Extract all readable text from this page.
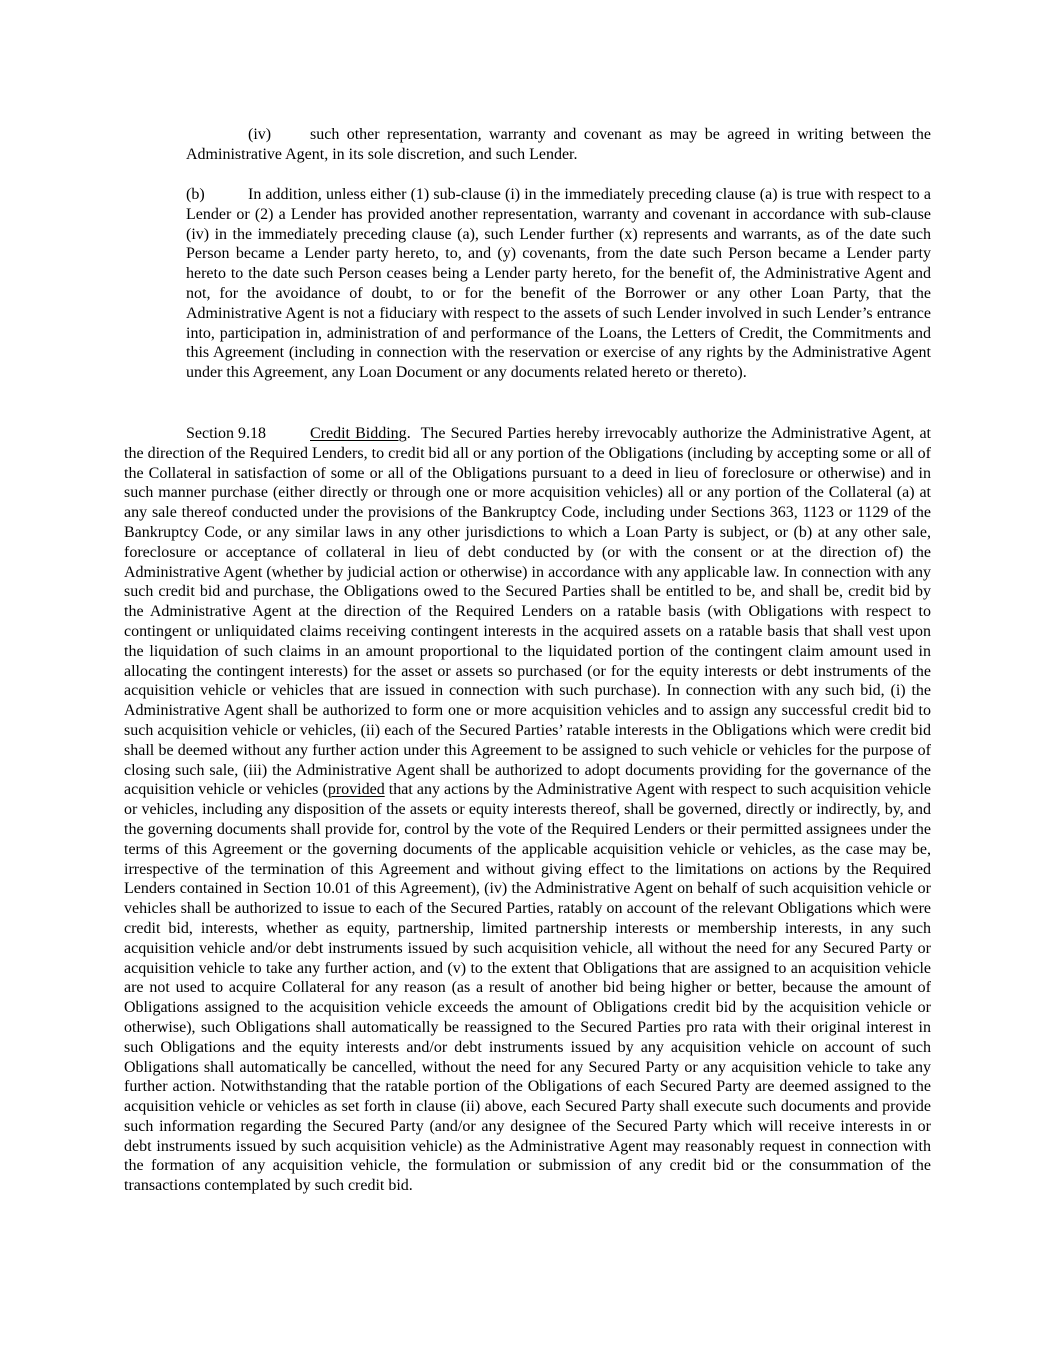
(iv) such other representation, warranty and covenant as may be agreed in writing between the Administrative Agent, in its sole discretion, and such Lender.

(b)	In addition, unless either (1) sub-clause (i) in the immediately preceding clause (a) is true with respect to a Lender or (2) a Lender has provided another representation, warranty and covenant in accordance with sub-clause (iv) in the immediately preceding clause (a), such Lender further (x) represents and warrants, as of the date such Person became a Lender party hereto, to, and (y) covenants, from the date such Person became a Lender party hereto to the date such Person ceases being a Lender party hereto, for the benefit of, the Administrative Agent and not, for the avoidance of doubt, to or for the benefit of the Borrower or any other Loan Party, that the Administrative Agent is not a fiduciary with respect to the assets of such Lender involved in such Lender’s entrance into, participation in, administration of and performance of the Loans, the Letters of Credit, the Commitments and this Agreement (including in connection with the reservation or exercise of any rights by the Administrative Agent under this Agreement, any Loan Document or any documents related hereto or thereto).

Section 9.18	Credit Bidding. The Secured Parties hereby irrevocably authorize the Administrative Agent, at the direction of the Required Lenders, to credit bid all or any portion of the Obligations (including by accepting some or all of the Collateral in satisfaction of some or all of the Obligations pursuant to a deed in lieu of foreclosure or otherwise) and in such manner purchase (either directly or through one or more acquisition vehicles) all or any portion of the Collateral (a) at any sale thereof conducted under the provisions of the Bankruptcy Code, including under Sections 363, 1123 or 1129 of the Bankruptcy Code, or any similar laws in any other jurisdictions to which a Loan Party is subject, or (b) at any other sale, foreclosure or acceptance of collateral in lieu of debt conducted by (or with the consent or at the direction of) the Administrative Agent (whether by judicial action or otherwise) in accordance with any applicable law. In connection with any such credit bid and purchase, the Obligations owed to the Secured Parties shall be entitled to be, and shall be, credit bid by the Administrative Agent at the direction of the Required Lenders on a ratable basis (with Obligations with respect to contingent or unliquidated claims receiving contingent interests in the acquired assets on a ratable basis that shall vest upon the liquidation of such claims in an amount proportional to the liquidated portion of the contingent claim amount used in allocating the contingent interests) for the asset or assets so purchased (or for the equity interests or debt instruments of the acquisition vehicle or vehicles that are issued in connection with such purchase). In connection with any such bid, (i) the Administrative Agent shall be authorized to form one or more acquisition vehicles and to assign any successful credit bid to such acquisition vehicle or vehicles, (ii) each of the Secured Parties’ ratable interests in the Obligations which were credit bid shall be deemed without any further action under this Agreement to be assigned to such vehicle or vehicles for the purpose of closing such sale, (iii) the Administrative Agent shall be authorized to adopt documents providing for the governance of the acquisition vehicle or vehicles (provided that any actions by the Administrative Agent with respect to such acquisition vehicle or vehicles, including any disposition of the assets or equity interests thereof, shall be governed, directly or indirectly, by, and the governing documents shall provide for, control by the vote of the Required Lenders or their permitted assignees under the terms of this Agreement or the governing documents of the applicable acquisition vehicle or vehicles, as the case may be, irrespective of the termination of this Agreement and without giving effect to the limitations on actions by the Required Lenders contained in Section 10.01 of this Agreement), (iv) the Administrative Agent on behalf of such acquisition vehicle or vehicles shall be authorized to issue to each of the Secured Parties, ratably on account of the relevant Obligations which were credit bid, interests, whether as equity, partnership, limited partnership interests or membership interests, in any such acquisition vehicle and/or debt instruments issued by such acquisition vehicle, all without the need for any Secured Party or acquisition vehicle to take any further action, and (v) to the extent that Obligations that are assigned to an acquisition vehicle are not used to acquire Collateral for any reason (as a result of another bid being higher or better, because the amount of Obligations assigned to the acquisition vehicle exceeds the amount of Obligations credit bid by the acquisition vehicle or otherwise), such Obligations shall automatically be reassigned to the Secured Parties pro rata with their original interest in such Obligations and the equity interests and/or debt instruments issued by any acquisition vehicle on account of such Obligations shall automatically be cancelled, without the need for any Secured Party or any acquisition vehicle to take any further action. Notwithstanding that the ratable portion of the Obligations of each Secured Party are deemed assigned to the acquisition vehicle or vehicles as set forth in clause (ii) above, each Secured Party shall execute such documents and provide such information regarding the Secured Party (and/or any designee of the Secured Party which will receive interests in or debt instruments issued by such acquisition vehicle) as the Administrative Agent may reasonably request in connection with the formation of any acquisition vehicle, the formulation or submission of any credit bid or the consummation of the transactions contemplated by such credit bid.
